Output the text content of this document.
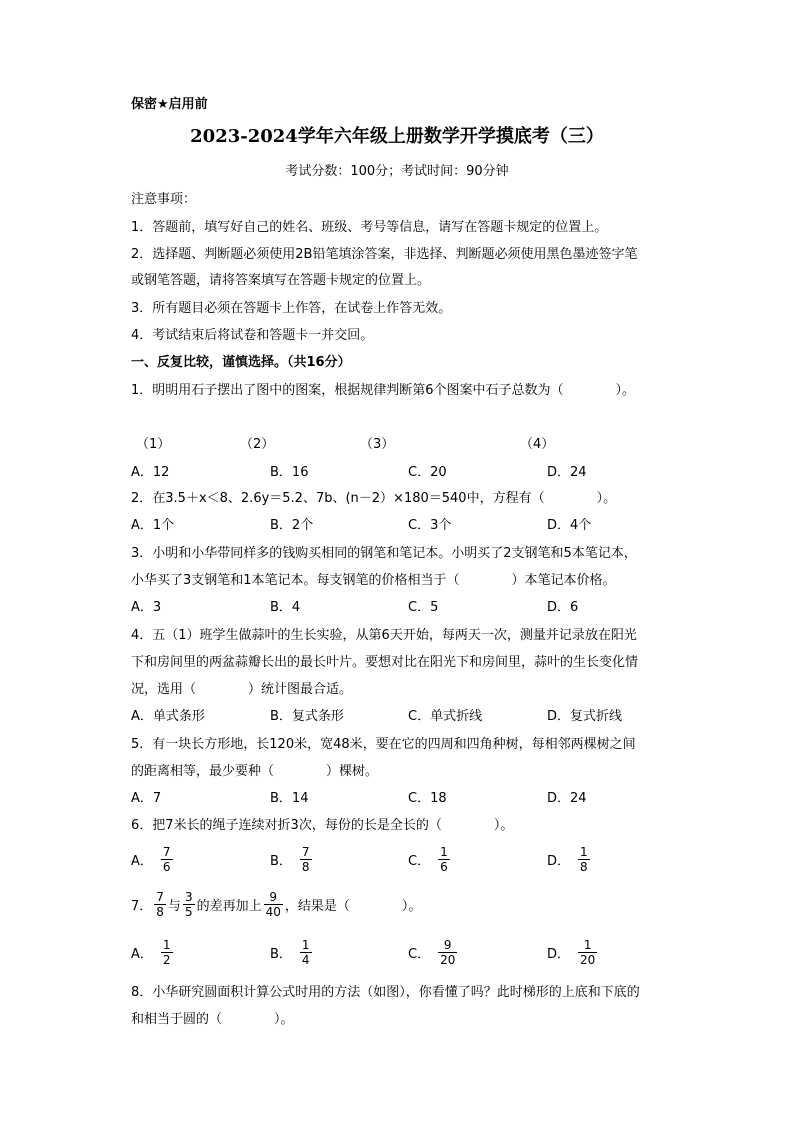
保密★启用前
2023-2024学年六年级上册数学开学摸底考（三）
考试分数：100分；考试时间：90分钟
注意事项：
1．答题前，填写好自己的姓名、班级、考号等信息，请写在答题卡规定的位置上。
2．选择题、判断题必须使用2B铅笔填涂答案，非选择、判断题必须使用黑色墨迹签字笔
或钢笔答题，请将答案填写在答题卡规定的位置上。
3．所有题目必须在答题卡上作答，在试卷上作答无效。
4．考试结束后将试卷和答题卡一并交回。
一、反复比较，谨慎选择。（共16分）
1．明明用石子摆出了图中的图案，根据规律判断第6个图案中石子总数为（　　　　）。
（1）	（2）	（3）	（4）
A．12	B．16	C．20	D．24
2．在3.5＋x＜8、2.6y＝5.2、7b、(n－2）×180＝540中，方程有（　　　　）。
A．1个	B．2个	C．3个	D．4个
3．小明和小华带同样多的钱购买相同的钢笔和笔记本。小明买了2支钢笔和5本笔记本，
小华买了3支钢笔和1本笔记本。每支钢笔的价格相当于（　　　　）本笔记本价格。
A．3	B．4	C．5	D．6
4．五（1）班学生做蒜叶的生长实验，从第6天开始，每两天一次，测量并记录放在阳光
下和房间里的两盆蒜瓣长出的最长叶片。要想对比在阳光下和房间里，蒜叶的生长变化情
况，选用（　　　　）统计图最合适。
A．单式条形	B．复式条形	C．单式折线	D．复式折线
5．有一块长方形地，长120米，宽48米，要在它的四周和四角种树，每相邻两棵树之间
的距离相等，最少要种（　　　　）棵树。
A．7	B．14	C．18	D．24
6．把7米长的绳子连续对折3次，每份的长是全长的（　　　　）。
A． $\frac{7}{6}$	B． $\frac{7}{8}$	C． $\frac{1}{6}$	D． $\frac{1}{8}$
7． $\frac{7}{8}$ 与 $\frac{3}{5}$ 的差再加上 $\frac{9}{40}$ ，结果是（　　　　）。
A． $\frac{1}{2}$	B． $\frac{1}{4}$	C． $\frac{9}{20}$	D． $\frac{1}{20}$
8．小华研究圆面积计算公式时用的方法（如图），你看懂了吗？此时梯形的上底和下底的
和相当于圆的（　　　　）。
